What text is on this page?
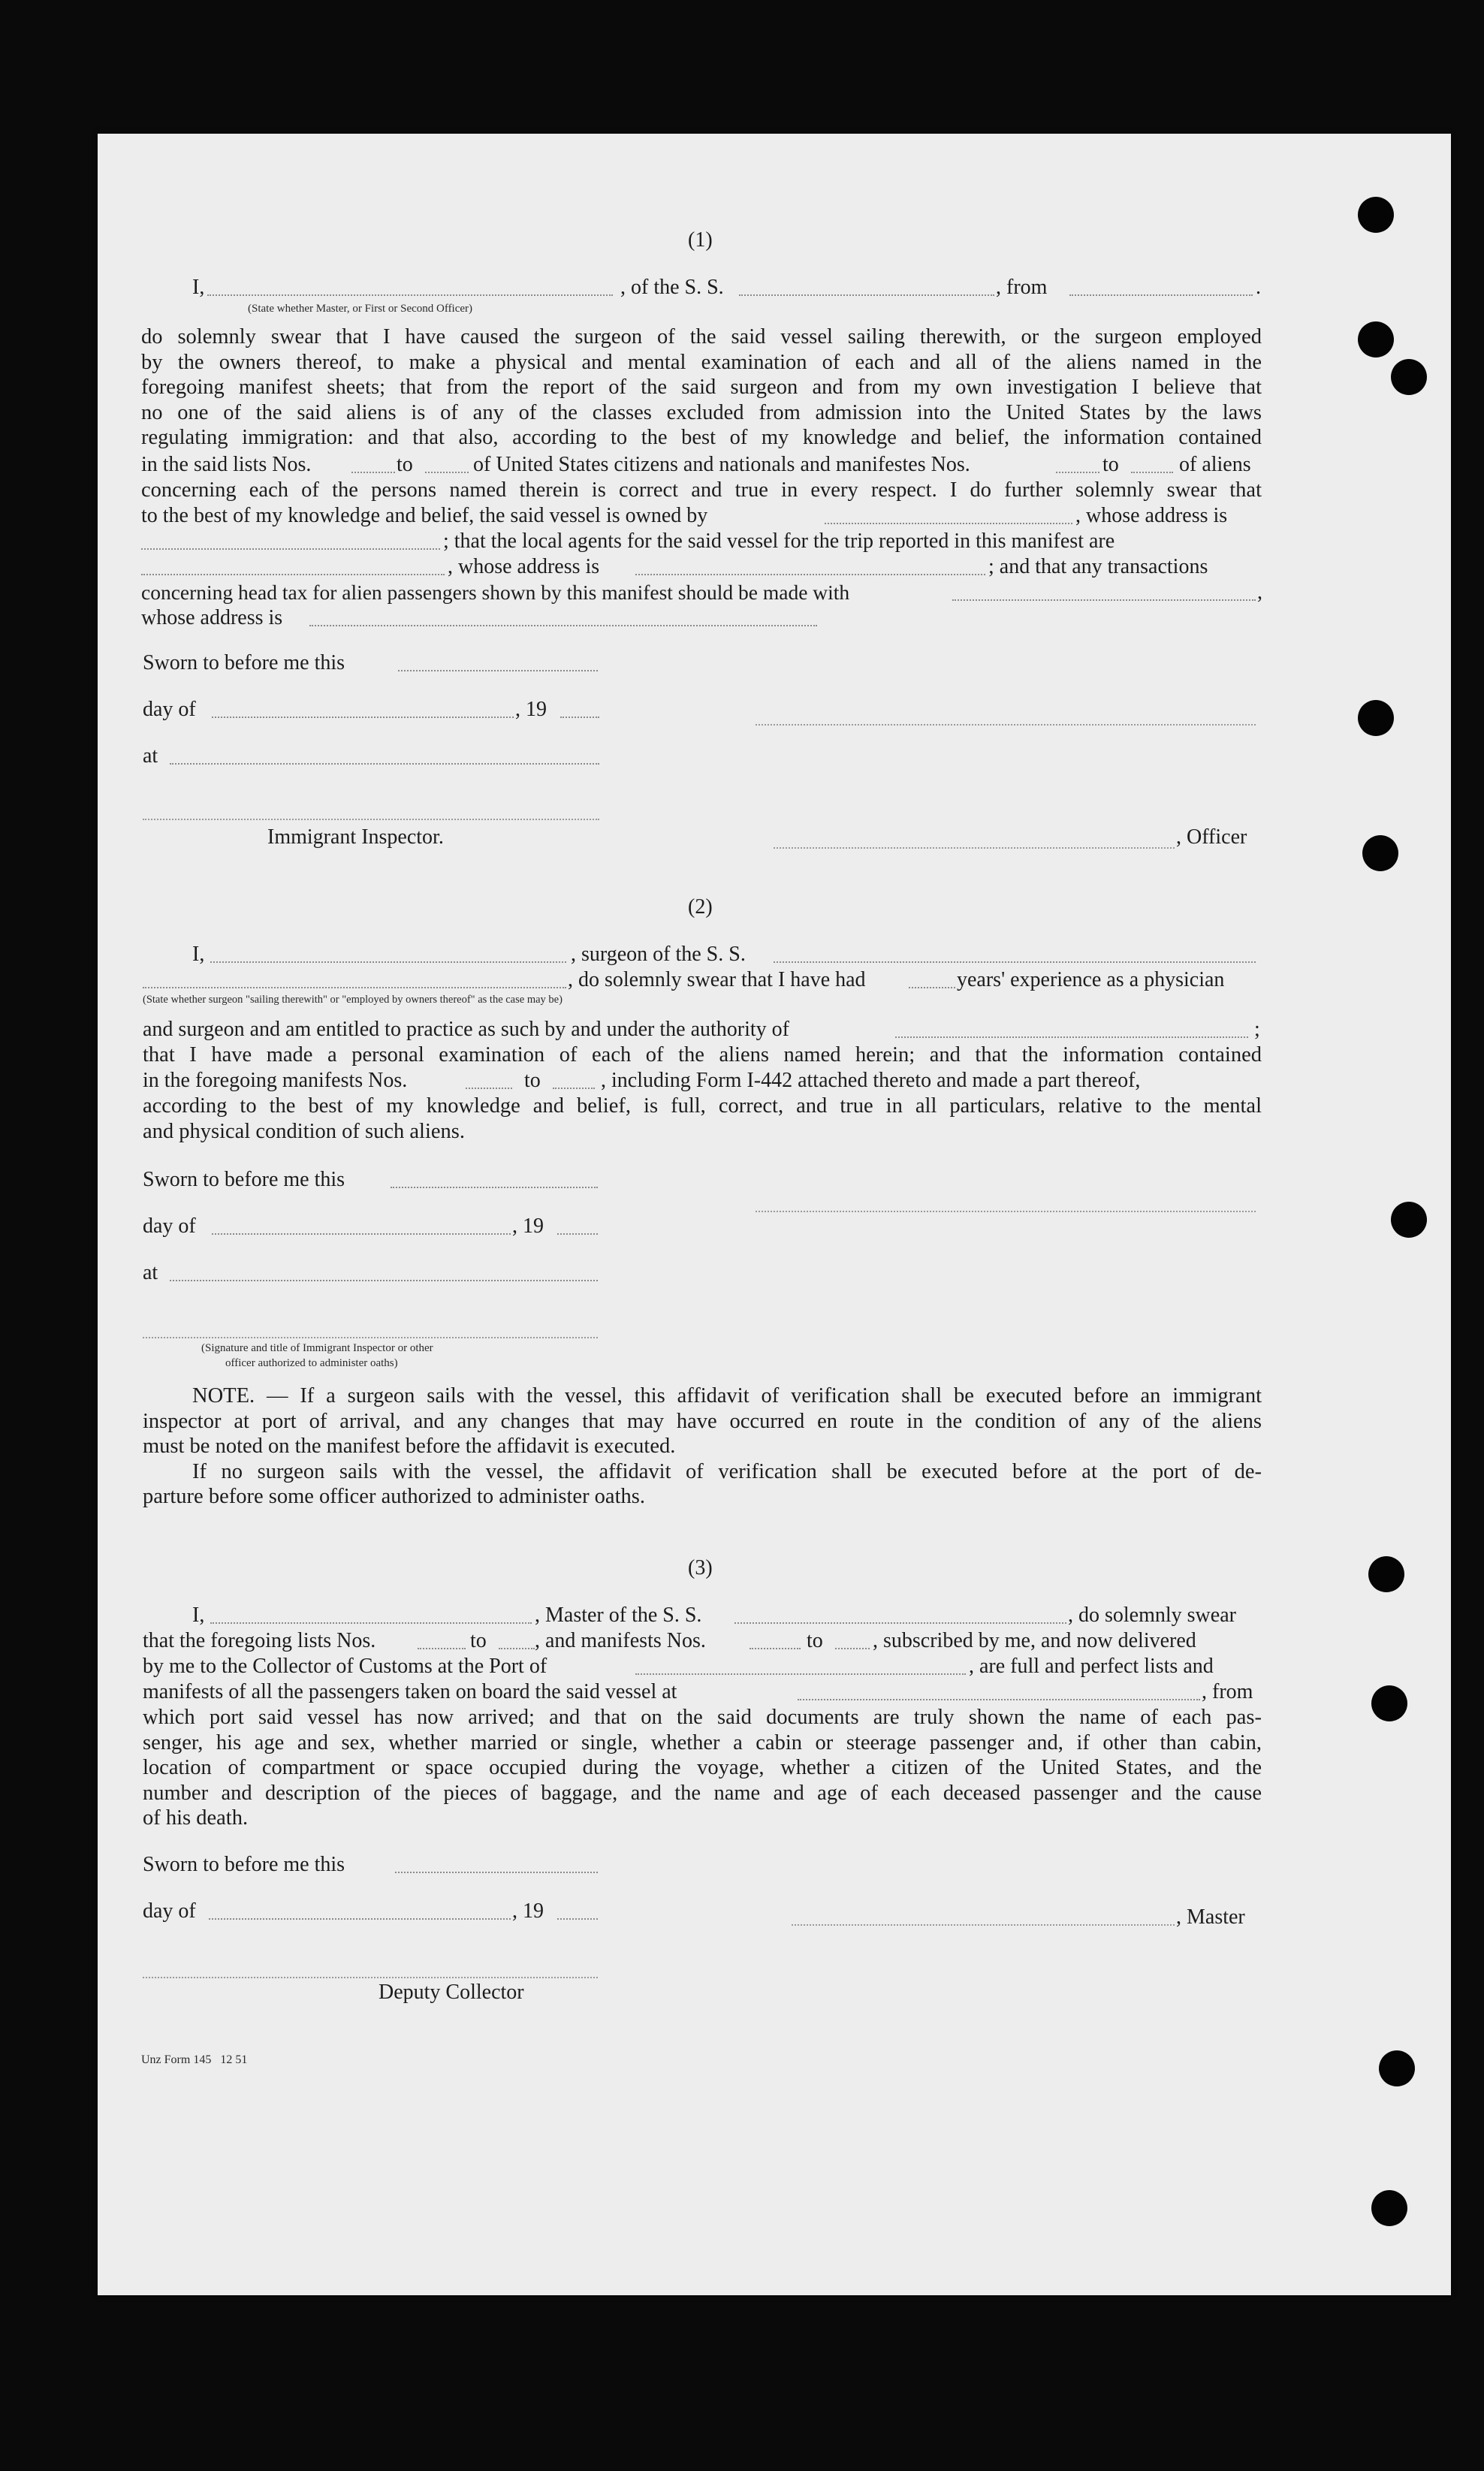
(1)
I,	, of the S. S.	, from	.
(State whether Master, or First or Second Officer)
do solemnly swear that I have caused the surgeon of the said vessel sailing therewith, or the surgeon employed
by the owners thereof, to make a physical and mental examination of each and all of the aliens named in the
foregoing manifest sheets; that from the report of the said surgeon and from my own investigation I believe that
no one of the said aliens is of any of the classes excluded from admission into the United States by the laws
regulating immigration: and that also, according to the best of my knowledge and belief, the information contained
in the said lists Nos.	to	of United States citizens and nationals and manifestes Nos.	to	of aliens
concerning each of the persons named therein is correct and true in every respect. I do further solemnly swear that
to the best of my knowledge and belief, the said vessel is owned by	, whose address is
; that the local agents for the said vessel for the trip reported in this manifest are
, whose address is	; and that any transactions
concerning head tax for alien passengers shown by this manifest should be made with	,
whose address is
Sworn to before me this
day of	, 19
at
Immigrant Inspector.	, Officer
(2)
I,	, surgeon of the S. S.
, do solemnly swear that I have had	years' experience as a physician
(State whether surgeon "sailing therewith" or "employed by owners thereof" as the case may be)
and surgeon and am entitled to practice as such by and under the authority of	;
that I have made a personal examination of each of the aliens named herein; and that the information contained
in the foregoing manifests Nos.	to	, including Form I-442 attached thereto and made a part thereof,
according to the best of my knowledge and belief, is full, correct, and true in all particulars, relative to the mental
and physical condition of such aliens.
Sworn to before me this
day of	, 19
at
(Signature and title of Immigrant Inspector or other
officer authorized to administer oaths)
NOTE. — If a surgeon sails with the vessel, this affidavit of verification shall be executed before an immigrant
inspector at port of arrival, and any changes that may have occurred en route in the condition of any of the aliens
must be noted on the manifest before the affidavit is executed.
If no surgeon sails with the vessel, the affidavit of verification shall be executed before at the port of de-
parture before some officer authorized to administer oaths.
(3)
I,	, Master of the S. S.	, do solemnly swear
that the foregoing lists Nos.	to , and manifests Nos.	to , subscribed by me, and now delivered
by me to the Collector of Customs at the Port of	, are full and perfect lists and
manifests of all the passengers taken on board the said vessel at	, from
which port said vessel has now arrived; and that on the said documents are truly shown the name of each pas-
senger, his age and sex, whether married or single, whether a cabin or steerage passenger and, if other than cabin,
location of compartment or space occupied during the voyage, whether a citizen of the United States, and the
number and description of the pieces of baggage, and the name and age of each deceased passenger and the cause
of his death.
Sworn to before me this
day of	, 19	, Master
Deputy Collector
Unz Form 145   12 51
